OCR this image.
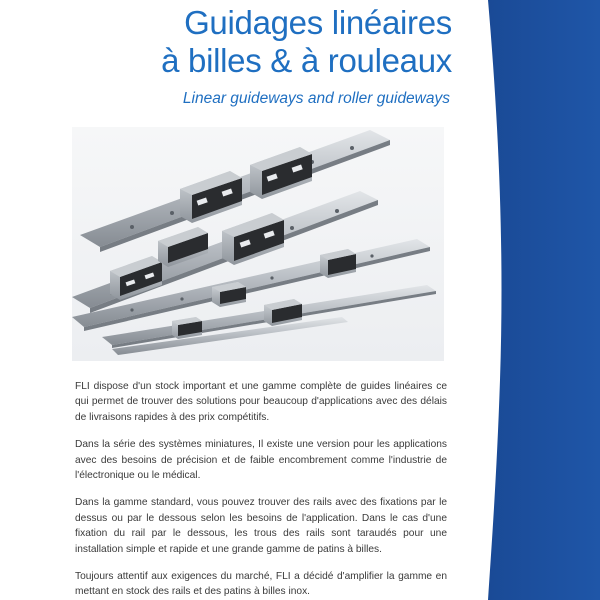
Guidages linéaires
à billes & à rouleaux
Linear guideways and roller guideways

FLI dispose d'un stock important et une gamme complète de guides linéaires ce qui permet de trouver des solutions pour beaucoup d'applications avec des délais de livraisons rapides à des prix compétitifs.

Dans la série des systèmes miniatures, Il existe une version pour les applications avec des besoins de précision et de faible encombrement comme l'industrie de l'électronique ou le médical.

Dans la gamme standard, vous pouvez trouver des rails avec des fixations par le dessus ou par le dessous selon les besoins de l'application. Dans le cas d'une fixation du rail par le dessous, les trous des rails sont taraudés pour une installation simple et rapide et une grande gamme de patins à billes.

Toujours attentif aux exigences du marché, FLI a décidé d'amplifier la gamme en mettant en stock des rails et des patins à billes inox.
